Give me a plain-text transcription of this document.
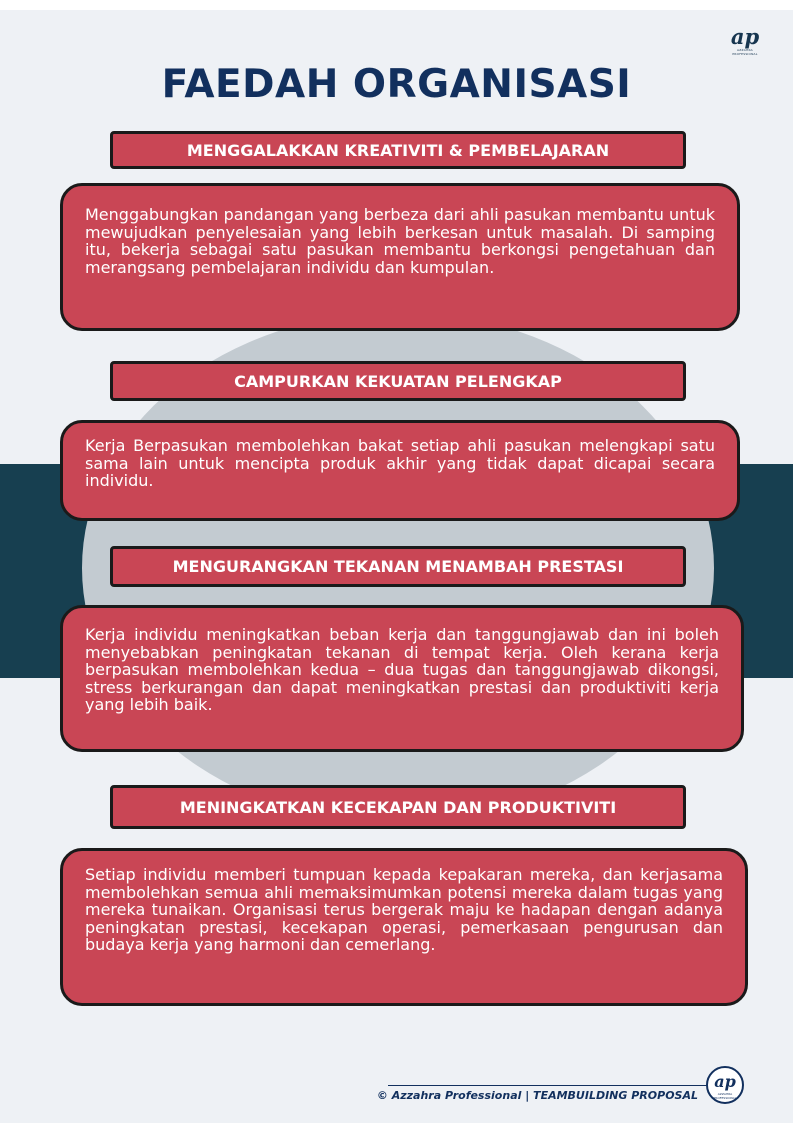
ap
AZZAHRA PROFESSIONAL
FAEDAH ORGANISASI
MENGGALAKKAN KREATIVITI & PEMBELAJARAN

Menggabungkan pandangan yang berbeza dari ahli pasukan membantu untuk mewujudkan penyelesaian yang lebih berkesan untuk masalah. Di samping itu, bekerja sebagai satu pasukan membantu berkongsi pengetahuan dan merangsang pembelajaran individu dan kumpulan.

CAMPURKAN KEKUATAN PELENGKAP

Kerja Berpasukan membolehkan bakat setiap ahli pasukan melengkapi satu sama lain untuk mencipta produk akhir yang tidak dapat dicapai secara individu.

MENGURANGKAN TEKANAN MENAMBAH PRESTASI

Kerja individu meningkatkan beban kerja dan tanggungjawab dan ini boleh menyebabkan peningkatan tekanan di tempat kerja. Oleh kerana kerja berpasukan membolehkan kedua – dua tugas dan tanggungjawab dikongsi, stress berkurangan dan dapat meningkatkan prestasi dan produktiviti kerja yang lebih baik.

MENINGKATKAN KECEKAPAN DAN PRODUKTIVITI

Setiap individu memberi tumpuan kepada kepakaran mereka, dan kerjasama membolehkan semua ahli memaksimumkan potensi mereka dalam tugas yang mereka tunaikan. Organisasi terus bergerak maju ke hadapan dengan adanya peningkatan prestasi, kecekapan operasi, pemerkasaan pengurusan dan budaya kerja yang harmoni dan cemerlang.

© Azzahra Professional | TEAMBUILDING PROPOSAL
ap
AZZAHRA PROFESSIONAL
